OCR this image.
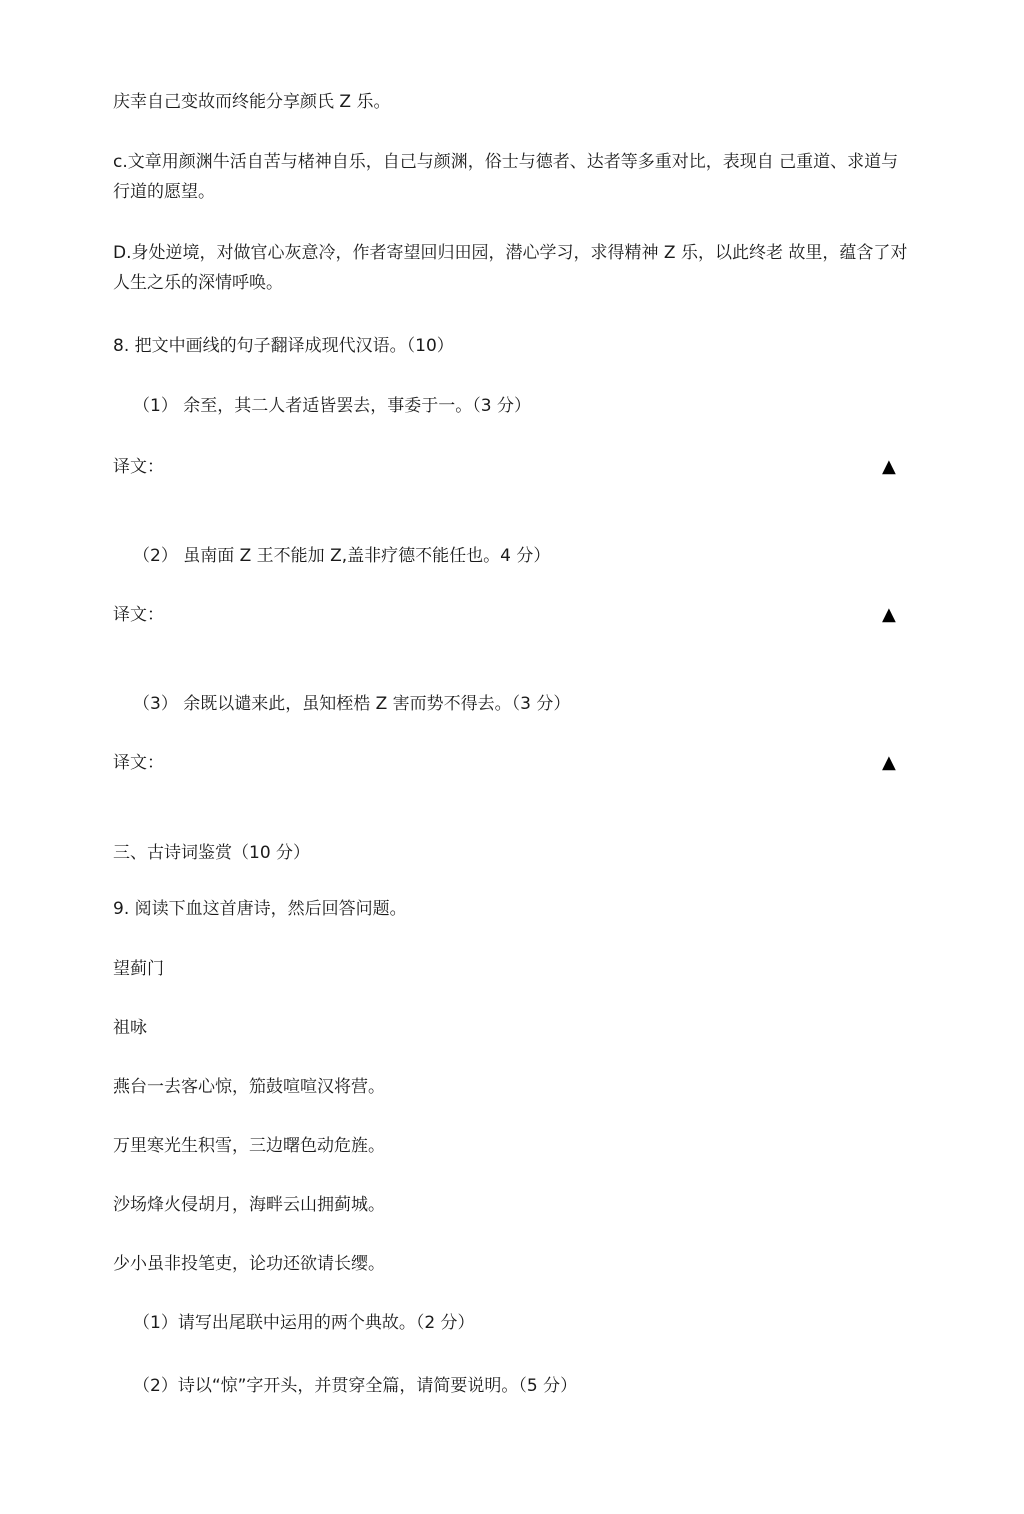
庆幸自己变故而终能分享颜氏 Z 乐。
c.文章用颜渊牛活自苦与楮神自乐，自己与颜渊，俗士与德者、达者等多重对比，表现自 己重道、求道与行道的愿望。
D.身处逆境，对做官心灰意冷，作者寄望回归田园，潜心学习，求得精神 Z 乐，以此终老 故里，蕴含了对人生之乐的深情呼唤。
8. 把文中画线的句子翻译成现代汉语。（10）
（1） 余至，其二人者适皆罢去，事委于一。（3 分）
译文：	▲
（2） 虽南面 Z 王不能加 Z,盖非疗德不能任也。4 分）
译文：	▲
（3） 余既以谴来此，虽知桎梏 Z 害而势不得去。（3 分）
译文：	▲
三、古诗词鉴赏（10 分）
9. 阅读下血这首唐诗，然后回答问题。
望蓟门
祖咏
燕台一去客心惊，笳鼓喧喧汉将营。
万里寒光生积雪，三边曙色动危旌。
沙场烽火侵胡月，海畔云山拥蓟城。
少小虽非投笔吏，论功还欲请长缨。
（1）请写出尾联中运用的两个典故。（2 分）
（2）诗以“惊”字开头，并贯穿全篇，请简要说明。（5 分）
